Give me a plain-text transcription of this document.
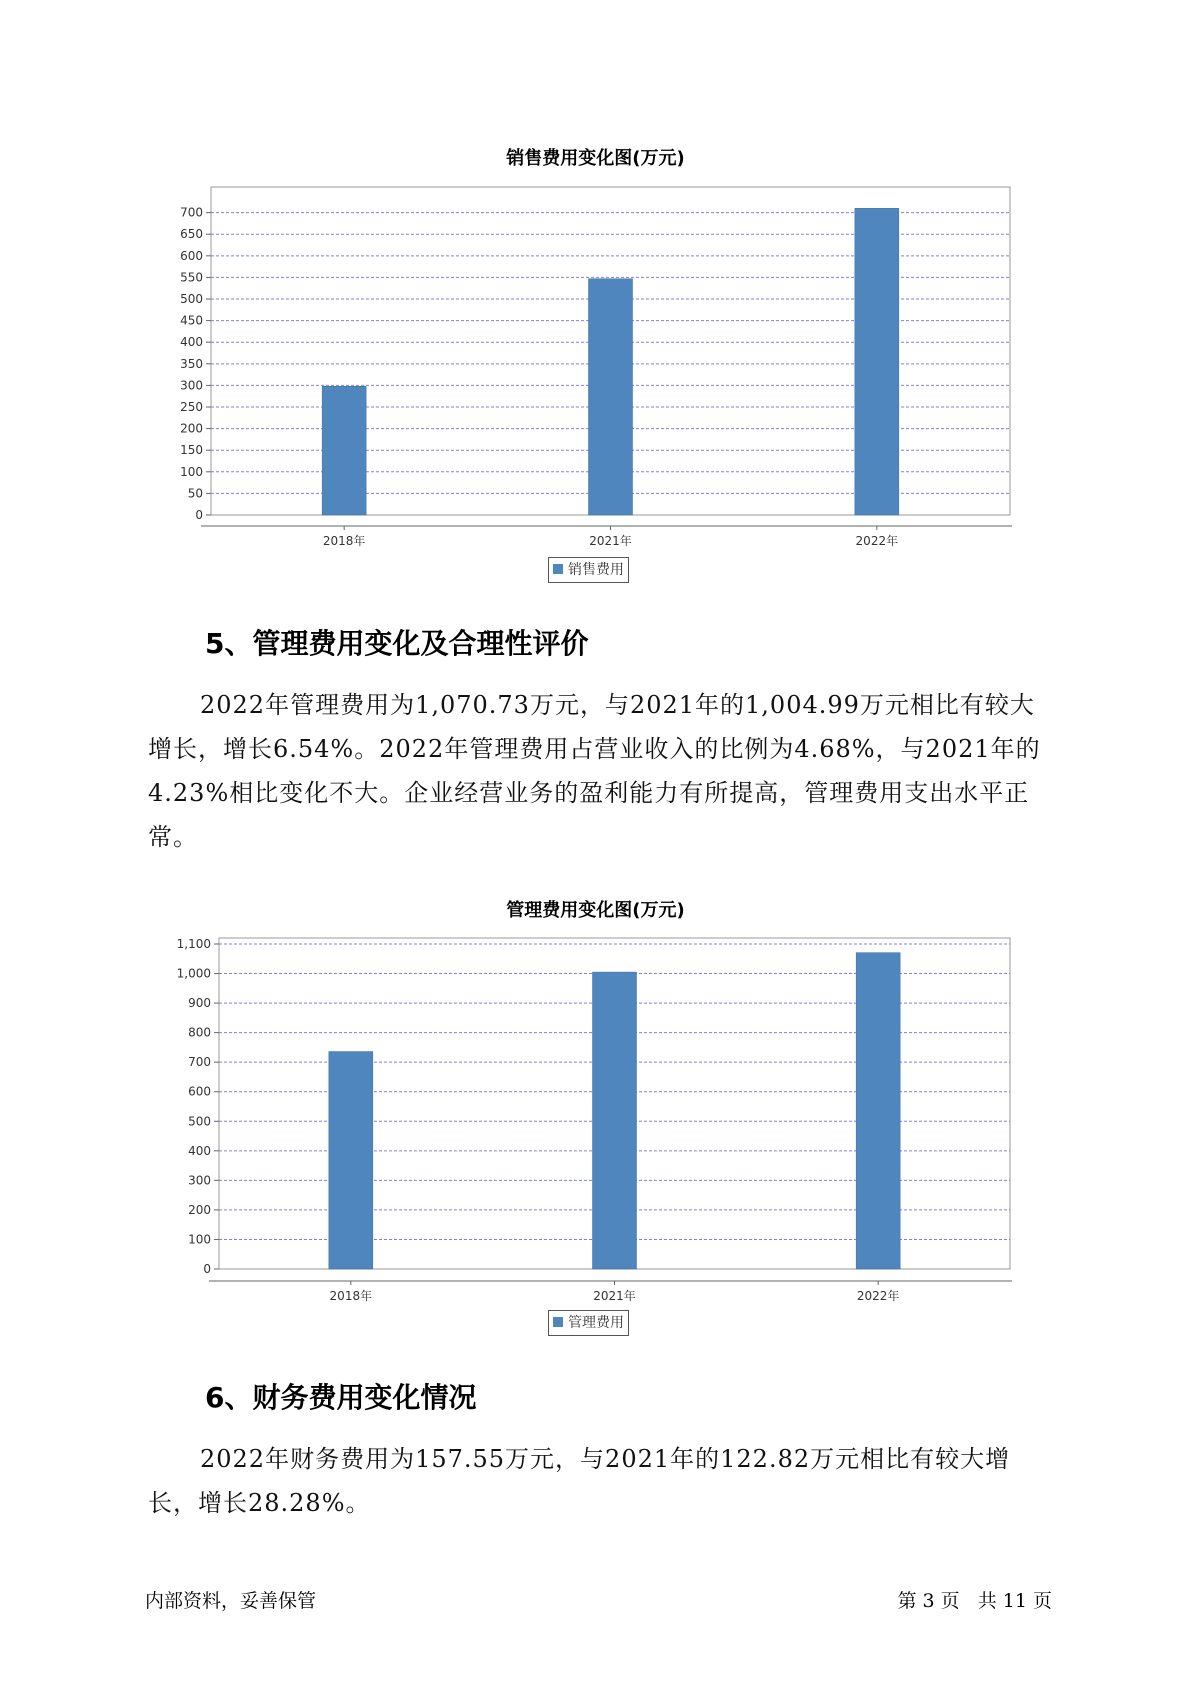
销售费用变化图(万元)
0
50
100
150
200
250
300
350
400
450
500
550
600
650
700
2018年	2021年	2022年
销售费用
5、管理费用变化及合理性评价
2022年管理费用为1,070.73万元，与2021年的1,004.99万元相比有较大增长，增长6.54%。2022年管理费用占营业收入的比例为4.68%，与2021年的4.23%相比变化不大。企业经营业务的盈利能力有所提高，管理费用支出水平正常。
管理费用变化图(万元)
0
100
200
300
400
500
600
700
800
900
1,000
1,100
2018年	2021年	2022年
管理费用
6、财务费用变化情况
2022年财务费用为157.55万元，与2021年的122.82万元相比有较大增长，增长28.28%。
内部资料，妥善保管	第 3 页   共 11 页
